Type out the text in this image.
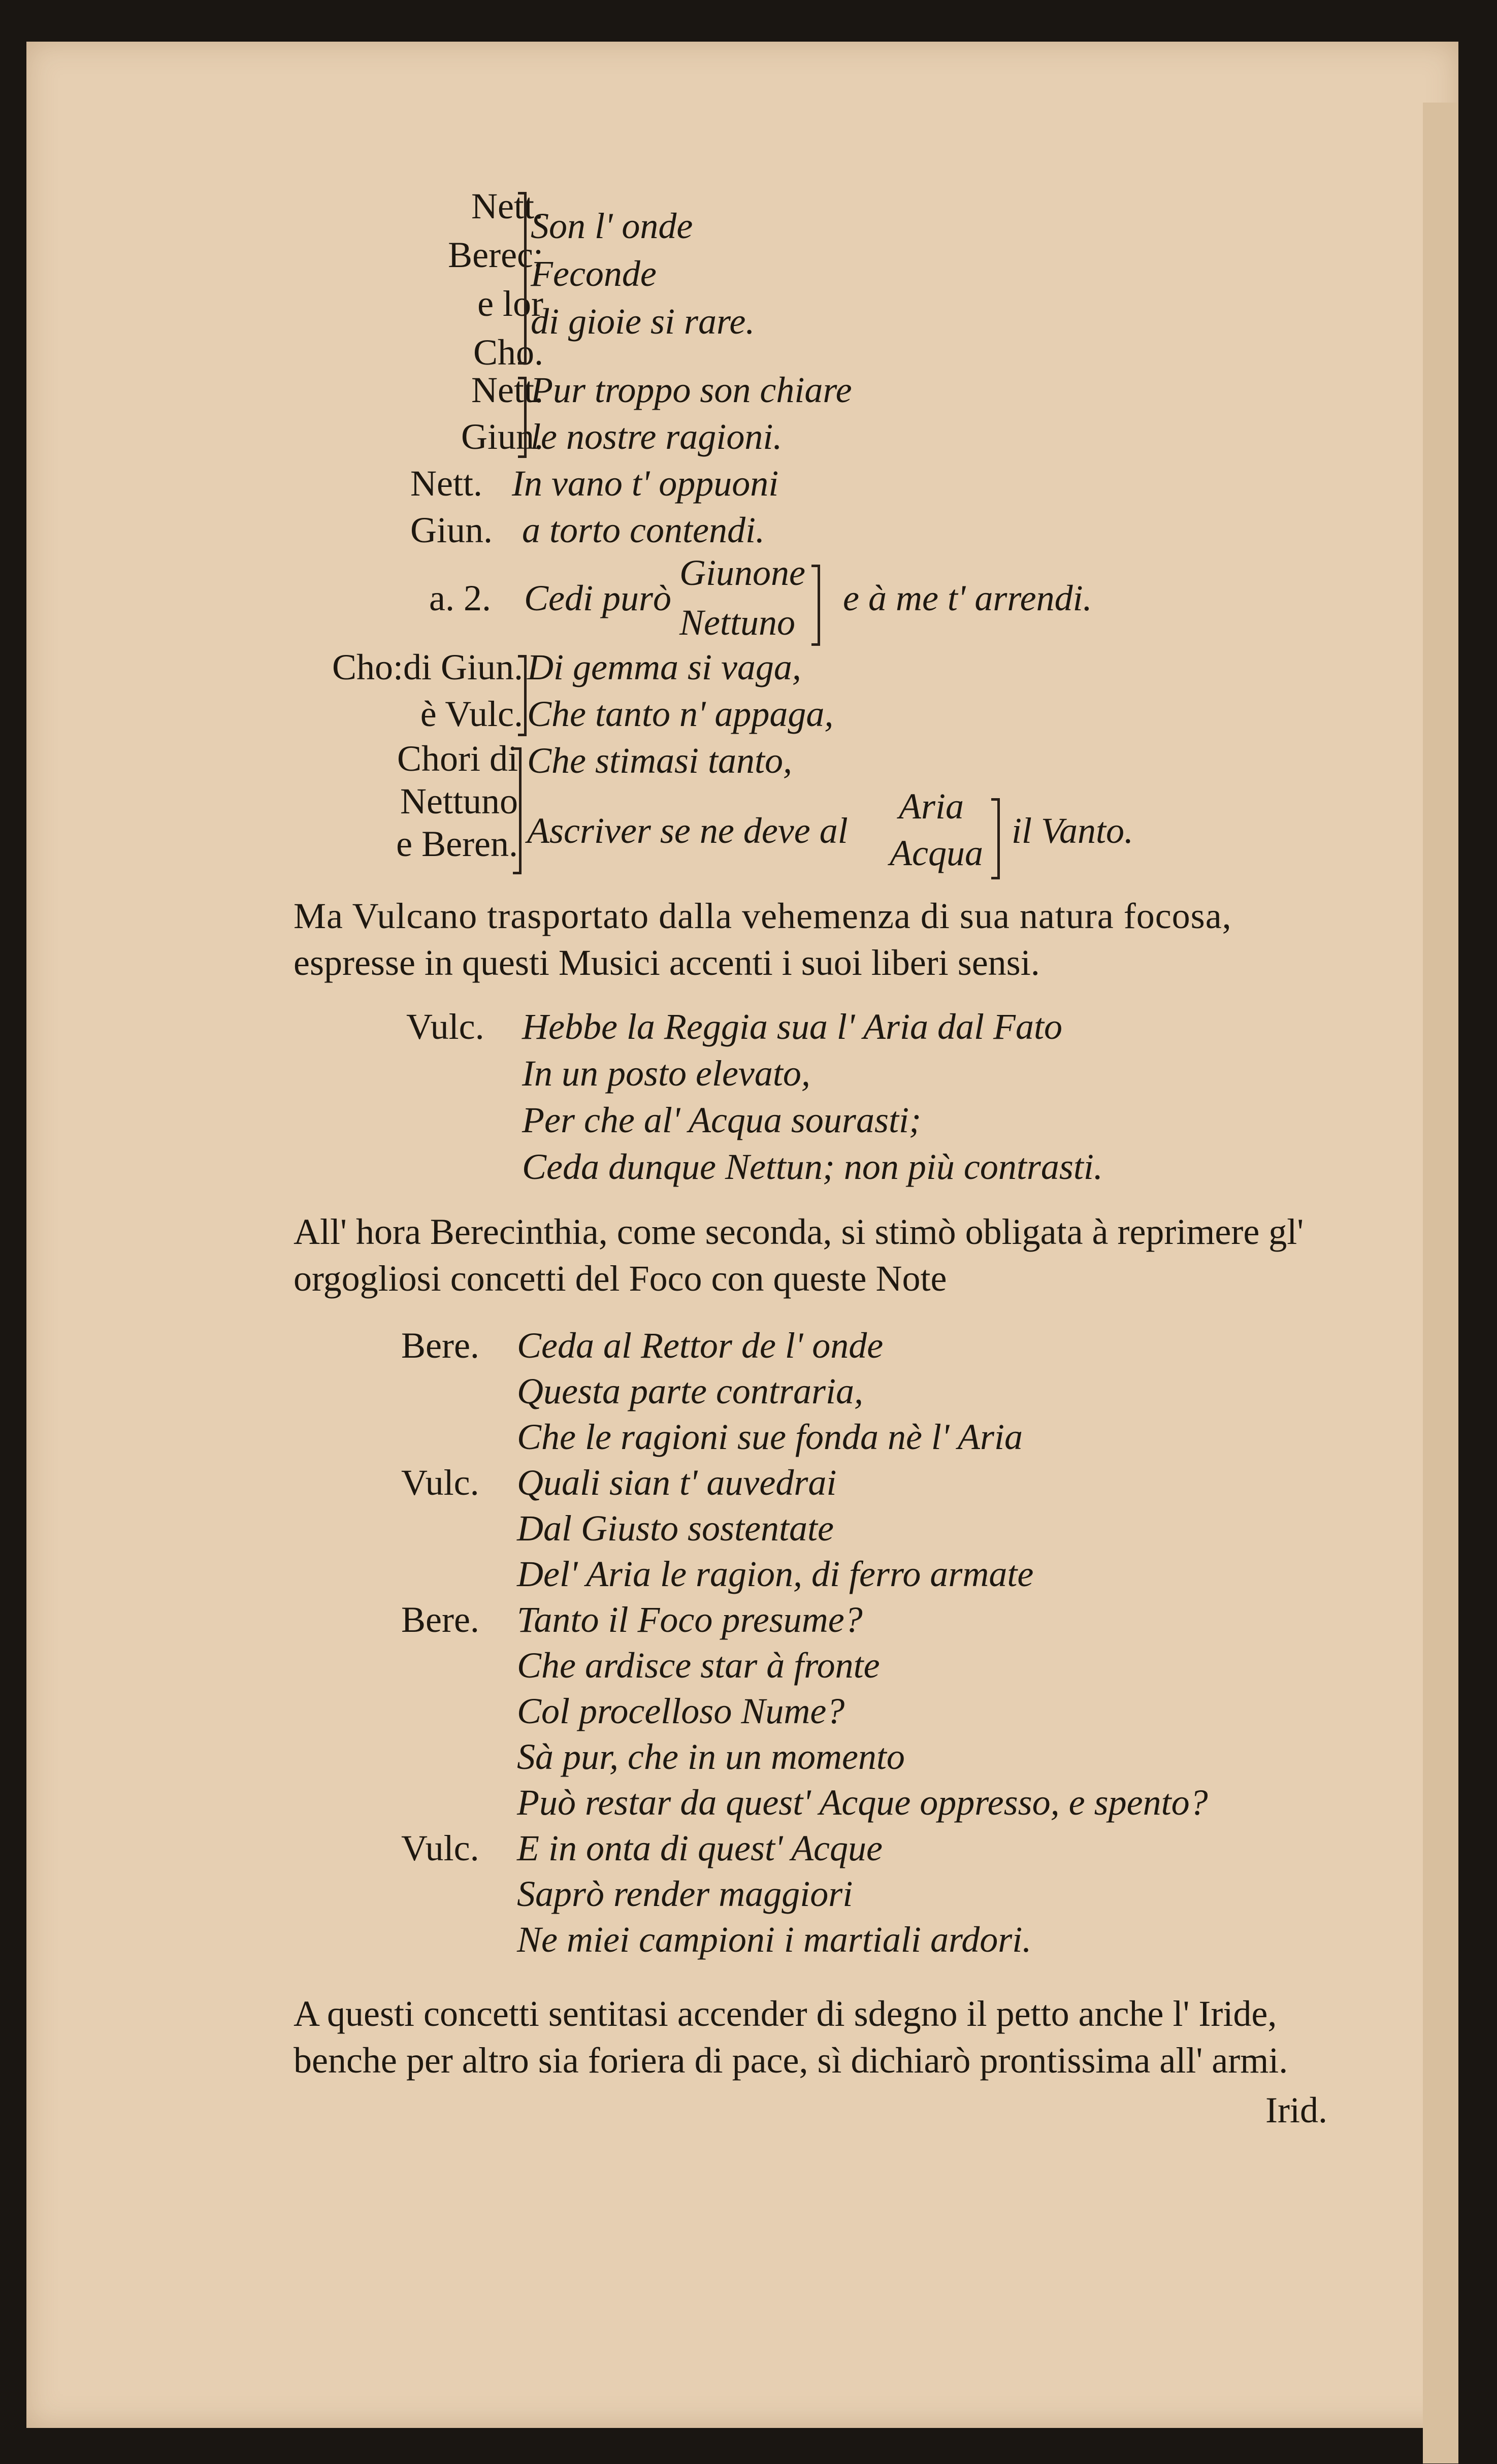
Nett.
Berec:
e lor
Cho.
Son l' onde
Feconde
di gioie si rare.
Nett.
Giun.
Pur troppo son chiare
le nostre ragioni.
Nett. In vano t' oppuoni
Giun. a torto contendi.
a. 2. Cedi purò
Giunone
Nettuno
e à me t' arrendi.
Cho:di Giun.
è Vulc.
Chori di
Nettuno
e Beren.
Di gemma si vaga,
Che tanto n' appaga,
Che stimasi tanto,
Ascriver se ne deve al
Aria
Acqua
il Vanto.
Ma Vulcano trasportato dalla vehemenza di sua natura focosa,
espresse in questi Musici accenti i suoi liberi sensi.
Vulc. Hebbe la Reggia sua l' Aria dal Fato
In un posto elevato,
Per che al' Acqua sourasti;
Ceda dunque Nettun; non più contrasti.
All' hora Berecinthia, come seconda, si stimò obligata à reprimere gl'
orgogliosi concetti del Foco con queste Note
Bere. Ceda al Rettor de l' onde
Questa parte contraria,
Che le ragioni sue fonda nè l' Aria
Vulc. Quali sian t' auvedrai
Dal Giusto sostentate
Del' Aria le ragion, di ferro armate
Bere. Tanto il Foco presume?
Che ardisce star à fronte
Col procelloso Nume?
Sà pur, che in un momento
Può restar da quest' Acque oppresso, e spento?
Vulc. E in onta di quest' Acque
Saprò render maggiori
Ne miei campioni i martiali ardori.
A questi concetti sentitasi accender di sdegno il petto anche l' Iride,
benche per altro sia foriera di pace, sì dichiarò prontissima all' armi.
Irid.
